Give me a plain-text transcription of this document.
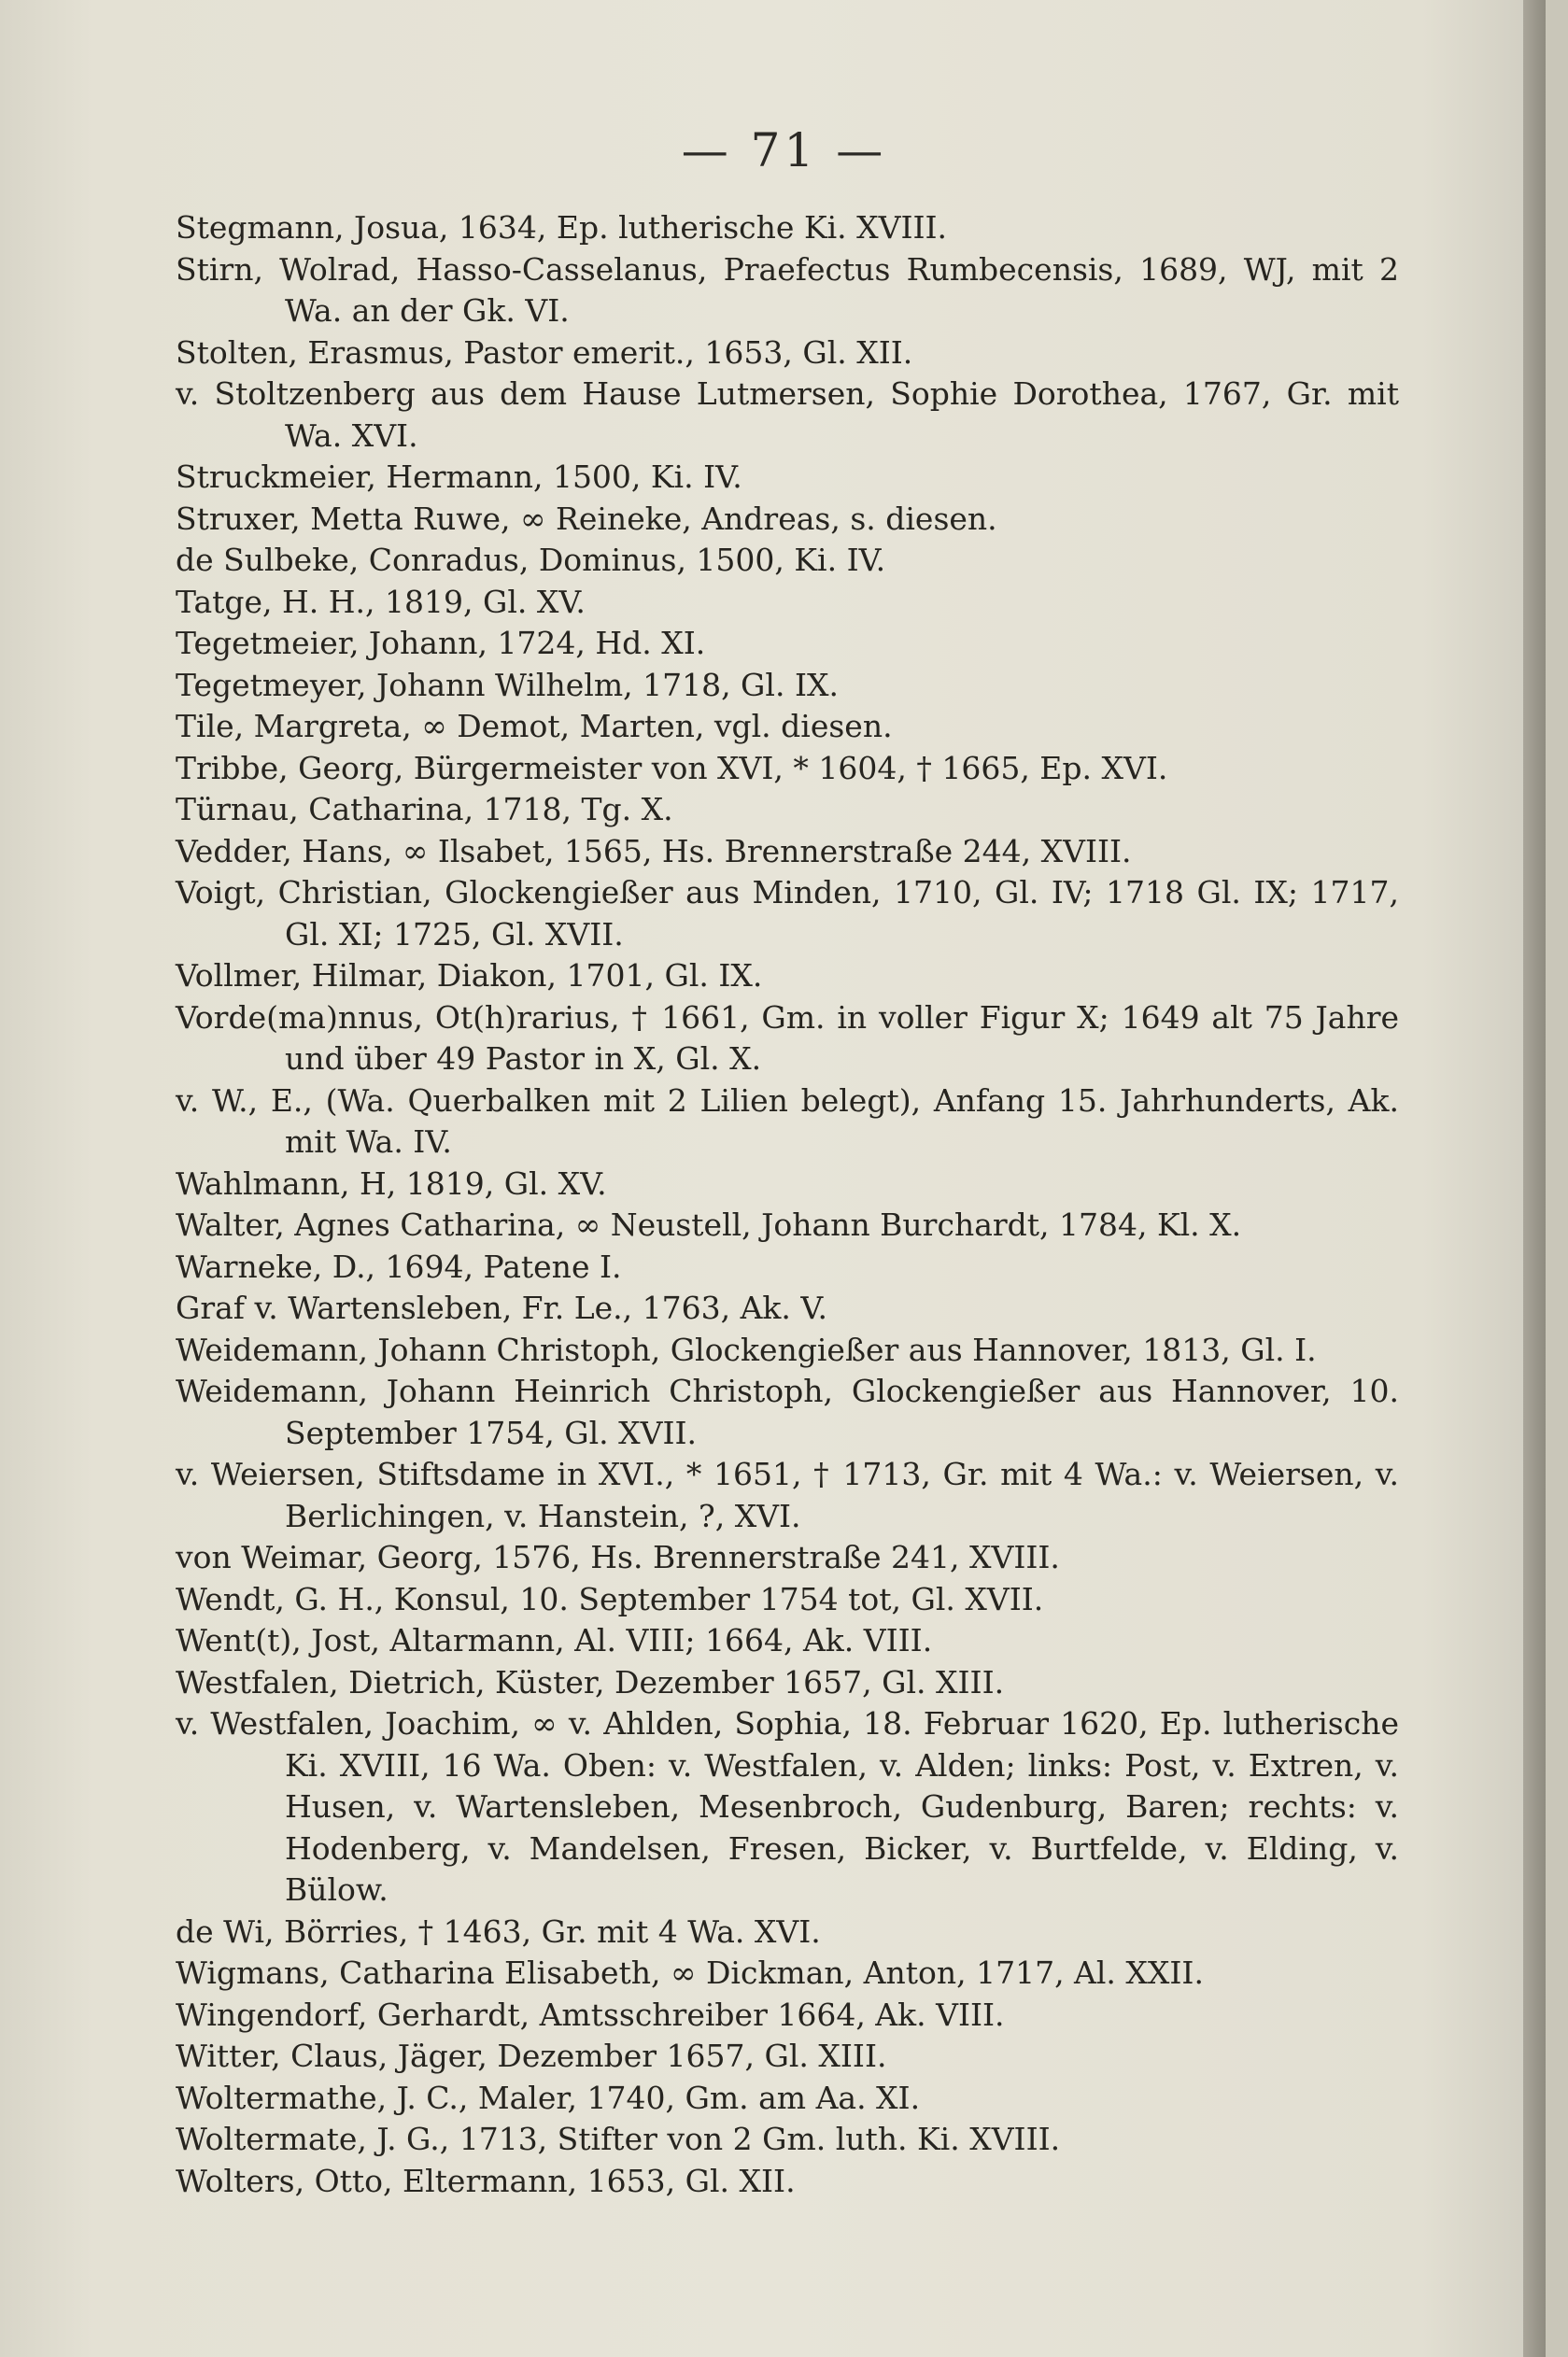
— 71 —
Stegmann, Josua, 1634, Ep. lutherische Ki. XVIII.
Stirn, Wolrad, Hasso-Casselanus, Praefectus Rumbecensis, 1689, WJ, mit 2 Wa. an der Gk. VI.
Stolten, Erasmus, Pastor emerit., 1653, Gl. XII.
v. Stoltzenberg aus dem Hause Lutmersen, Sophie Dorothea, 1767, Gr. mit Wa. XVI.
Struckmeier, Hermann, 1500, Ki. IV.
Struxer, Metta Ruwe, ∞ Reineke, Andreas, s. diesen.
de Sulbeke, Conradus, Dominus, 1500, Ki. IV.
Tatge, H. H., 1819, Gl. XV.
Tegetmeier, Johann, 1724, Hd. XI.
Tegetmeyer, Johann Wilhelm, 1718, Gl. IX.
Tile, Margreta, ∞ Demot, Marten, vgl. diesen.
Tribbe, Georg, Bürgermeister von XVI, * 1604, † 1665, Ep. XVI.
Türnau, Catharina, 1718, Tg. X.
Vedder, Hans, ∞ Ilsabet, 1565, Hs. Brennerstraße 244, XVIII.
Voigt, Christian, Glockengießer aus Minden, 1710, Gl. IV; 1718 Gl. IX; 1717, Gl. XI; 1725, Gl. XVII.
Vollmer, Hilmar, Diakon, 1701, Gl. IX.
Vorde(ma)nnus, Ot(h)rarius, † 1661, Gm. in voller Figur X; 1649 alt 75 Jahre und über 49 Pastor in X, Gl. X.
v. W., E., (Wa. Querbalken mit 2 Lilien belegt), Anfang 15. Jahrhunderts, Ak. mit Wa. IV.
Wahlmann, H, 1819, Gl. XV.
Walter, Agnes Catharina, ∞ Neustell, Johann Burchardt, 1784, Kl. X.
Warneke, D., 1694, Patene I.
Graf v. Wartensleben, Fr. Le., 1763, Ak. V.
Weidemann, Johann Christoph, Glockengießer aus Hannover, 1813, Gl. I.
Weidemann, Johann Heinrich Christoph, Glockengießer aus Hannover, 10. September 1754, Gl. XVII.
v. Weiersen, Stiftsdame in XVI., * 1651, † 1713, Gr. mit 4 Wa.: v. Weiersen, v. Berlichingen, v. Hanstein, ?, XVI.
von Weimar, Georg, 1576, Hs. Brennerstraße 241, XVIII.
Wendt, G. H., Konsul, 10. September 1754 tot, Gl. XVII.
Went(t), Jost, Altarmann, Al. VIII; 1664, Ak. VIII.
Westfalen, Dietrich, Küster, Dezember 1657, Gl. XIII.
v. Westfalen, Joachim, ∞ v. Ahlden, Sophia, 18. Februar 1620, Ep. lutherische Ki. XVIII, 16 Wa. Oben: v. Westfalen, v. Alden; links: Post, v. Extren, v. Husen, v. Wartensleben, Mesenbroch, Gudenburg, Baren; rechts: v. Hodenberg, v. Mandelsen, Fresen, Bicker, v. Burtfelde, v. Elding, v. Bülow.
de Wi, Börries, † 1463, Gr. mit 4 Wa. XVI.
Wigmans, Catharina Elisabeth, ∞ Dickman, Anton, 1717, Al. XXII.
Wingendorf, Gerhardt, Amtsschreiber 1664, Ak. VIII.
Witter, Claus, Jäger, Dezember 1657, Gl. XIII.
Woltermathe, J. C., Maler, 1740, Gm. am Aa. XI.
Woltermate, J. G., 1713, Stifter von 2 Gm. luth. Ki. XVIII.
Wolters, Otto, Eltermann, 1653, Gl. XII.
